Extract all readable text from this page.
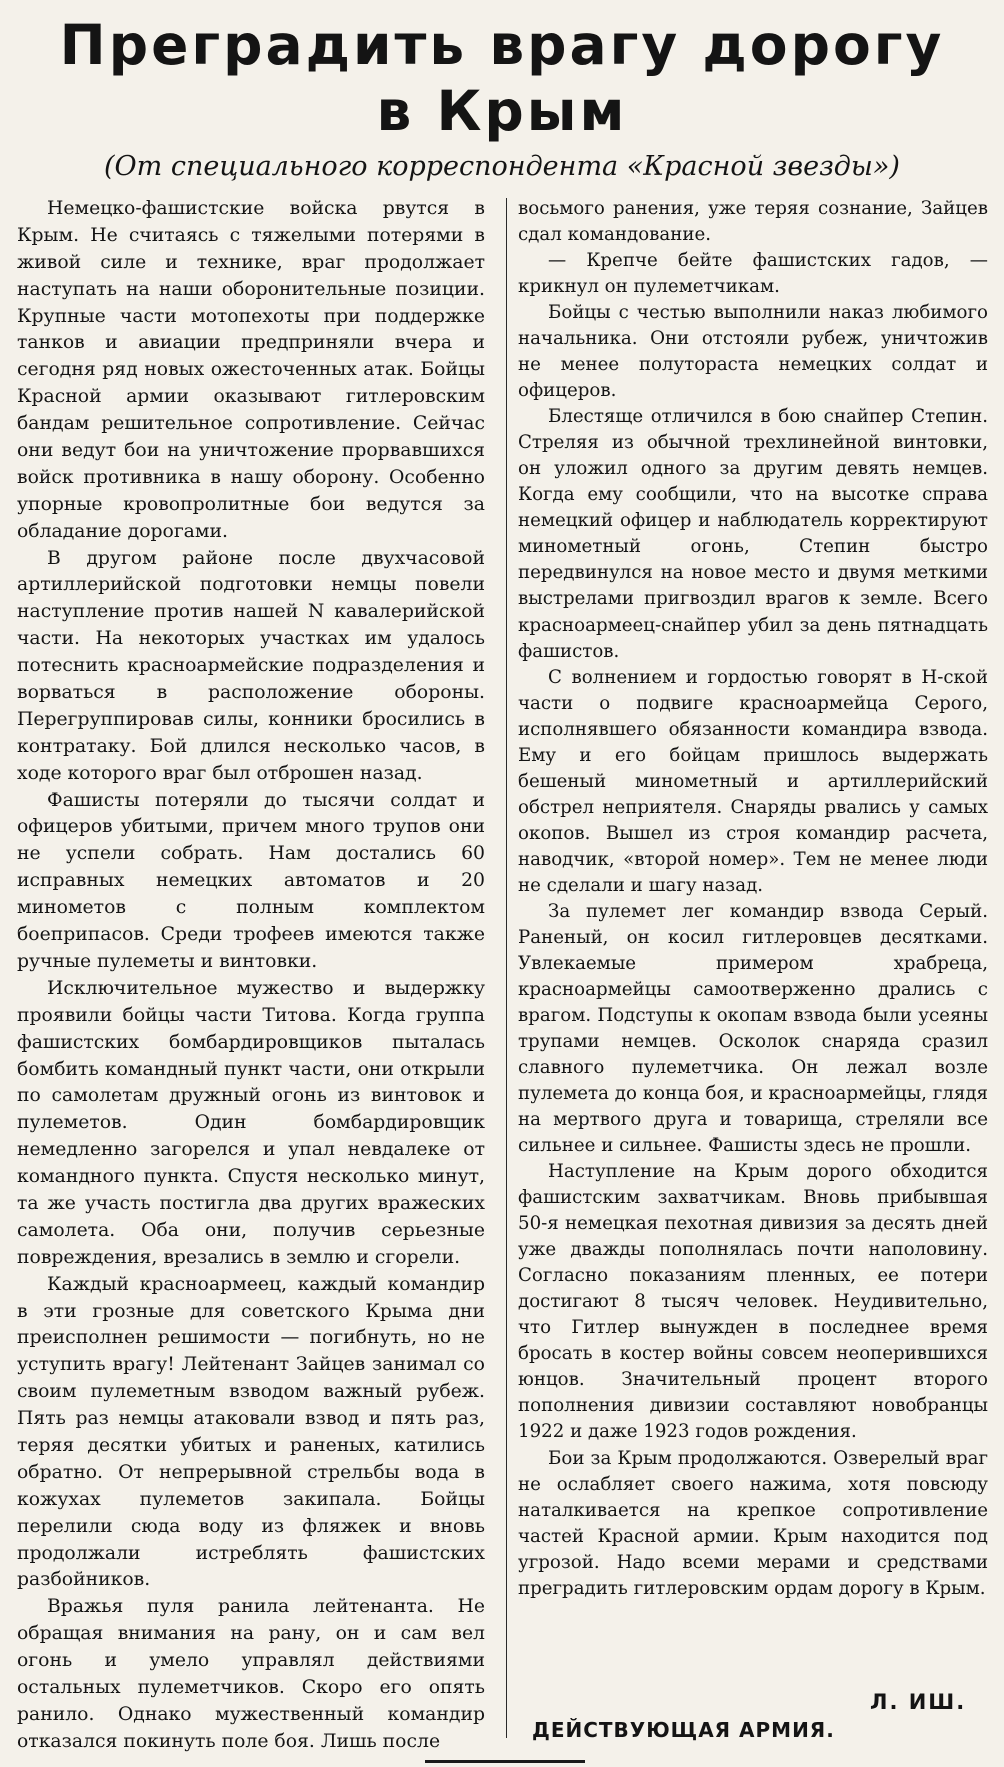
Преградить врагу дорогу
в Крым
(От специального корреспондента «Красной звезды»)

Немецко-фашистские войска рвутся в Крым. Не считаясь с тяжелыми потерями в живой силе и технике, враг продолжает наступать на наши оборонительные позиции. Крупные части мотопехоты при поддержке танков и авиации предприняли вчера и сегодня ряд новых ожесточенных атак. Бойцы Красной армии оказывают гитлеровским бандам решительное сопротивление. Сейчас они ведут бои на уничтожение прорвавшихся войск противника в нашу оборону. Особенно упорные кровопролитные бои ведутся за обладание дорогами.

В другом районе после двухчасовой артиллерийской подготовки немцы повели наступление против нашей N кавалерийской части. На некоторых участках им удалось потеснить красноармейские подразделения и ворваться в расположение обороны. Перегруппировав силы, конники бросились в контратаку. Бой длился несколько часов, в ходе которого враг был отброшен назад.

Фашисты потеряли до тысячи солдат и офицеров убитыми, причем много трупов они не успели собрать. Нам достались 60 исправных немецких автоматов и 20 минометов с полным комплектом боеприпасов. Среди трофеев имеются также ручные пулеметы и винтовки.

Исключительное мужество и выдержку проявили бойцы части Титова. Когда группа фашистских бомбардировщиков пыталась бомбить командный пункт части, они открыли по самолетам дружный огонь из винтовок и пулеметов. Один бомбардировщик немедленно загорелся и упал невдалеке от командного пункта. Спустя несколько минут, та же участь постигла два других вражеских самолета. Оба они, получив серьезные повреждения, врезались в землю и сгорели.

Каждый красноармеец, каждый командир в эти грозные для советского Крыма дни преисполнен решимости — погибнуть, но не уступить врагу! Лейтенант Зайцев занимал со своим пулеметным взводом важный рубеж. Пять раз немцы атаковали взвод и пять раз, теряя десятки убитых и раненых, катились обратно. От непрерывной стрельбы вода в кожухах пулеметов закипала. Бойцы перелили сюда воду из фляжек и вновь продолжали истреблять фашистских разбойников.

Вражья пуля ранила лейтенанта. Не обращая внимания на рану, он и сам вел огонь и умело управлял действиями остальных пулеметчиков. Скоро его опять ранило. Однако мужественный командир отказался покинуть поле боя. Лишь после

восьмого ранения, уже теряя сознание, Зайцев сдал командование.

— Крепче бейте фашистских гадов, — крикнул он пулеметчикам.

Бойцы с честью выполнили наказ любимого начальника. Они отстояли рубеж, уничтожив не менее полутораста немецких солдат и офицеров.

Блестяще отличился в бою снайпер Степин. Стреляя из обычной трехлинейной винтовки, он уложил одного за другим девять немцев. Когда ему сообщили, что на высотке справа немецкий офицер и наблюдатель корректируют минометный огонь, Степин быстро передвинулся на новое место и двумя меткими выстрелами пригвоздил врагов к земле. Всего красноармеец-снайпер убил за день пятнадцать фашистов.

С волнением и гордостью говорят в Н-ской части о подвиге красноармейца Серого, исполнявшего обязанности командира взвода. Ему и его бойцам пришлось выдержать бешеный минометный и артиллерийский обстрел неприятеля. Снаряды рвались у самых окопов. Вышел из строя командир расчета, наводчик, «второй номер». Тем не менее люди не сделали и шагу назад.

За пулемет лег командир взвода Серый. Раненый, он косил гитлеровцев десятками. Увлекаемые примером храбреца, красноармейцы самоотверженно дрались с врагом. Подступы к окопам взвода были усеяны трупами немцев. Осколок снаряда сразил славного пулеметчика. Он лежал возле пулемета до конца боя, и красноармейцы, глядя на мертвого друга и товарища, стреляли все сильнее и сильнее. Фашисты здесь не прошли.

Наступление на Крым дорого обходится фашистским захватчикам. Вновь прибывшая 50-я немецкая пехотная дивизия за десять дней уже дважды пополнялась почти наполовину. Согласно показаниям пленных, ее потери достигают 8 тысяч человек. Неудивительно, что Гитлер вынужден в последнее время бросать в костер войны совсем неоперившихся юнцов. Значительный процент второго пополнения дивизии составляют новобранцы 1922 и даже 1923 годов рождения.

Бои за Крым продолжаются. Озверелый враг не ослабляет своего нажима, хотя повсюду наталкивается на крепкое сопротивление частей Красной армии. Крым находится под угрозой. Надо всеми мерами и средствами преградить гитлеровским ордам дорогу в Крым.

Л. ИШ.
ДЕЙСТВУЮЩАЯ АРМИЯ.
